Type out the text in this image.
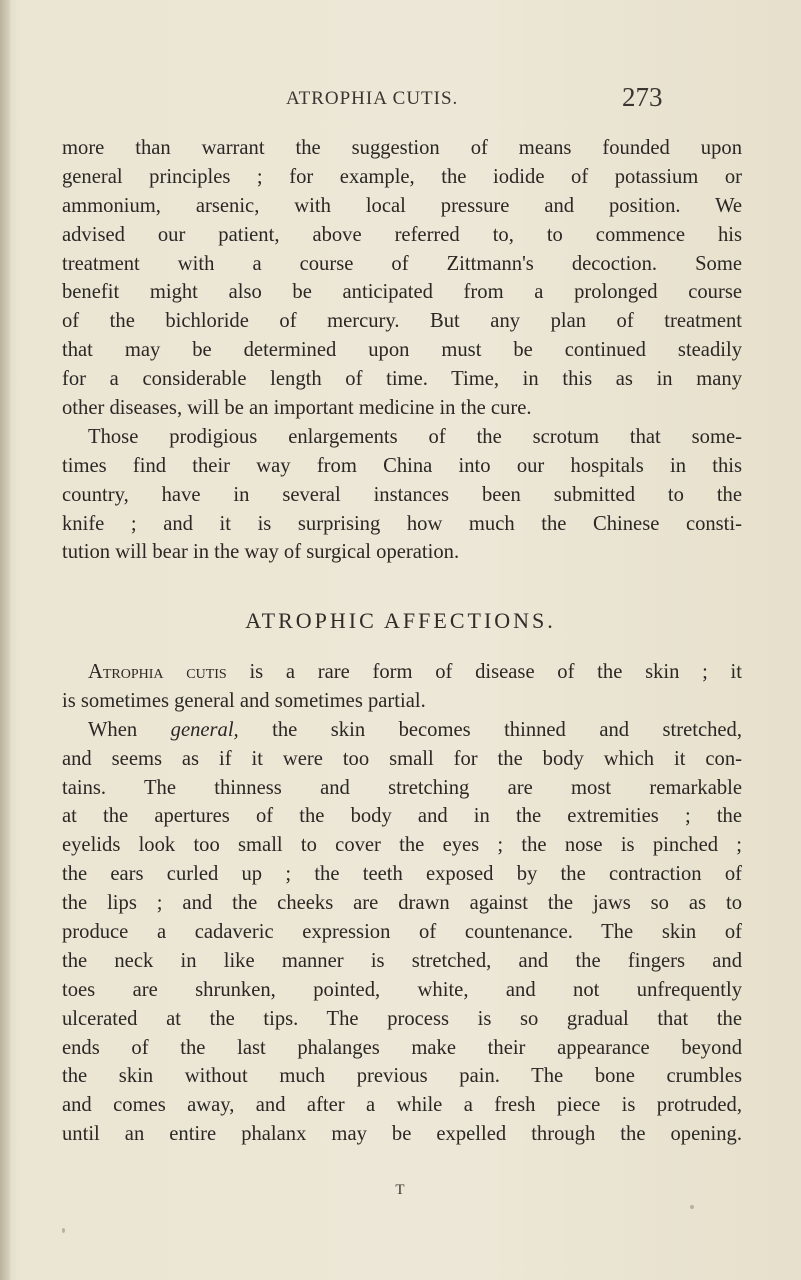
ATROPHIA CUTIS.	273
more than warrant the suggestion of means founded upon
general principles ; for example, the iodide of potassium or
ammonium, arsenic, with local pressure and position. We
advised our patient, above referred to, to commence his
treatment with a course of Zittmann's decoction. Some
benefit might also be anticipated from a prolonged course
of the bichloride of mercury. But any plan of treatment
that may be determined upon must be continued steadily
for a considerable length of time. Time, in this as in many
other diseases, will be an important medicine in the cure.
Those prodigious enlargements of the scrotum that some-
times find their way from China into our hospitals in this
country, have in several instances been submitted to the
knife ; and it is surprising how much the Chinese consti-
tution will bear in the way of surgical operation.
ATROPHIC AFFECTIONS.
Atrophia cutis is a rare form of disease of the skin ; it
is sometimes general and sometimes partial.
When general, the skin becomes thinned and stretched,
and seems as if it were too small for the body which it con-
tains. The thinness and stretching are most remarkable
at the apertures of the body and in the extremities ; the
eyelids look too small to cover the eyes ; the nose is pinched ;
the ears curled up ; the teeth exposed by the contraction of
the lips ; and the cheeks are drawn against the jaws so as to
produce a cadaveric expression of countenance. The skin of
the neck in like manner is stretched, and the fingers and
toes are shrunken, pointed, white, and not unfrequently
ulcerated at the tips. The process is so gradual that the
ends of the last phalanges make their appearance beyond
the skin without much previous pain. The bone crumbles
and comes away, and after a while a fresh piece is protruded,
until an entire phalanx may be expelled through the opening.
T
